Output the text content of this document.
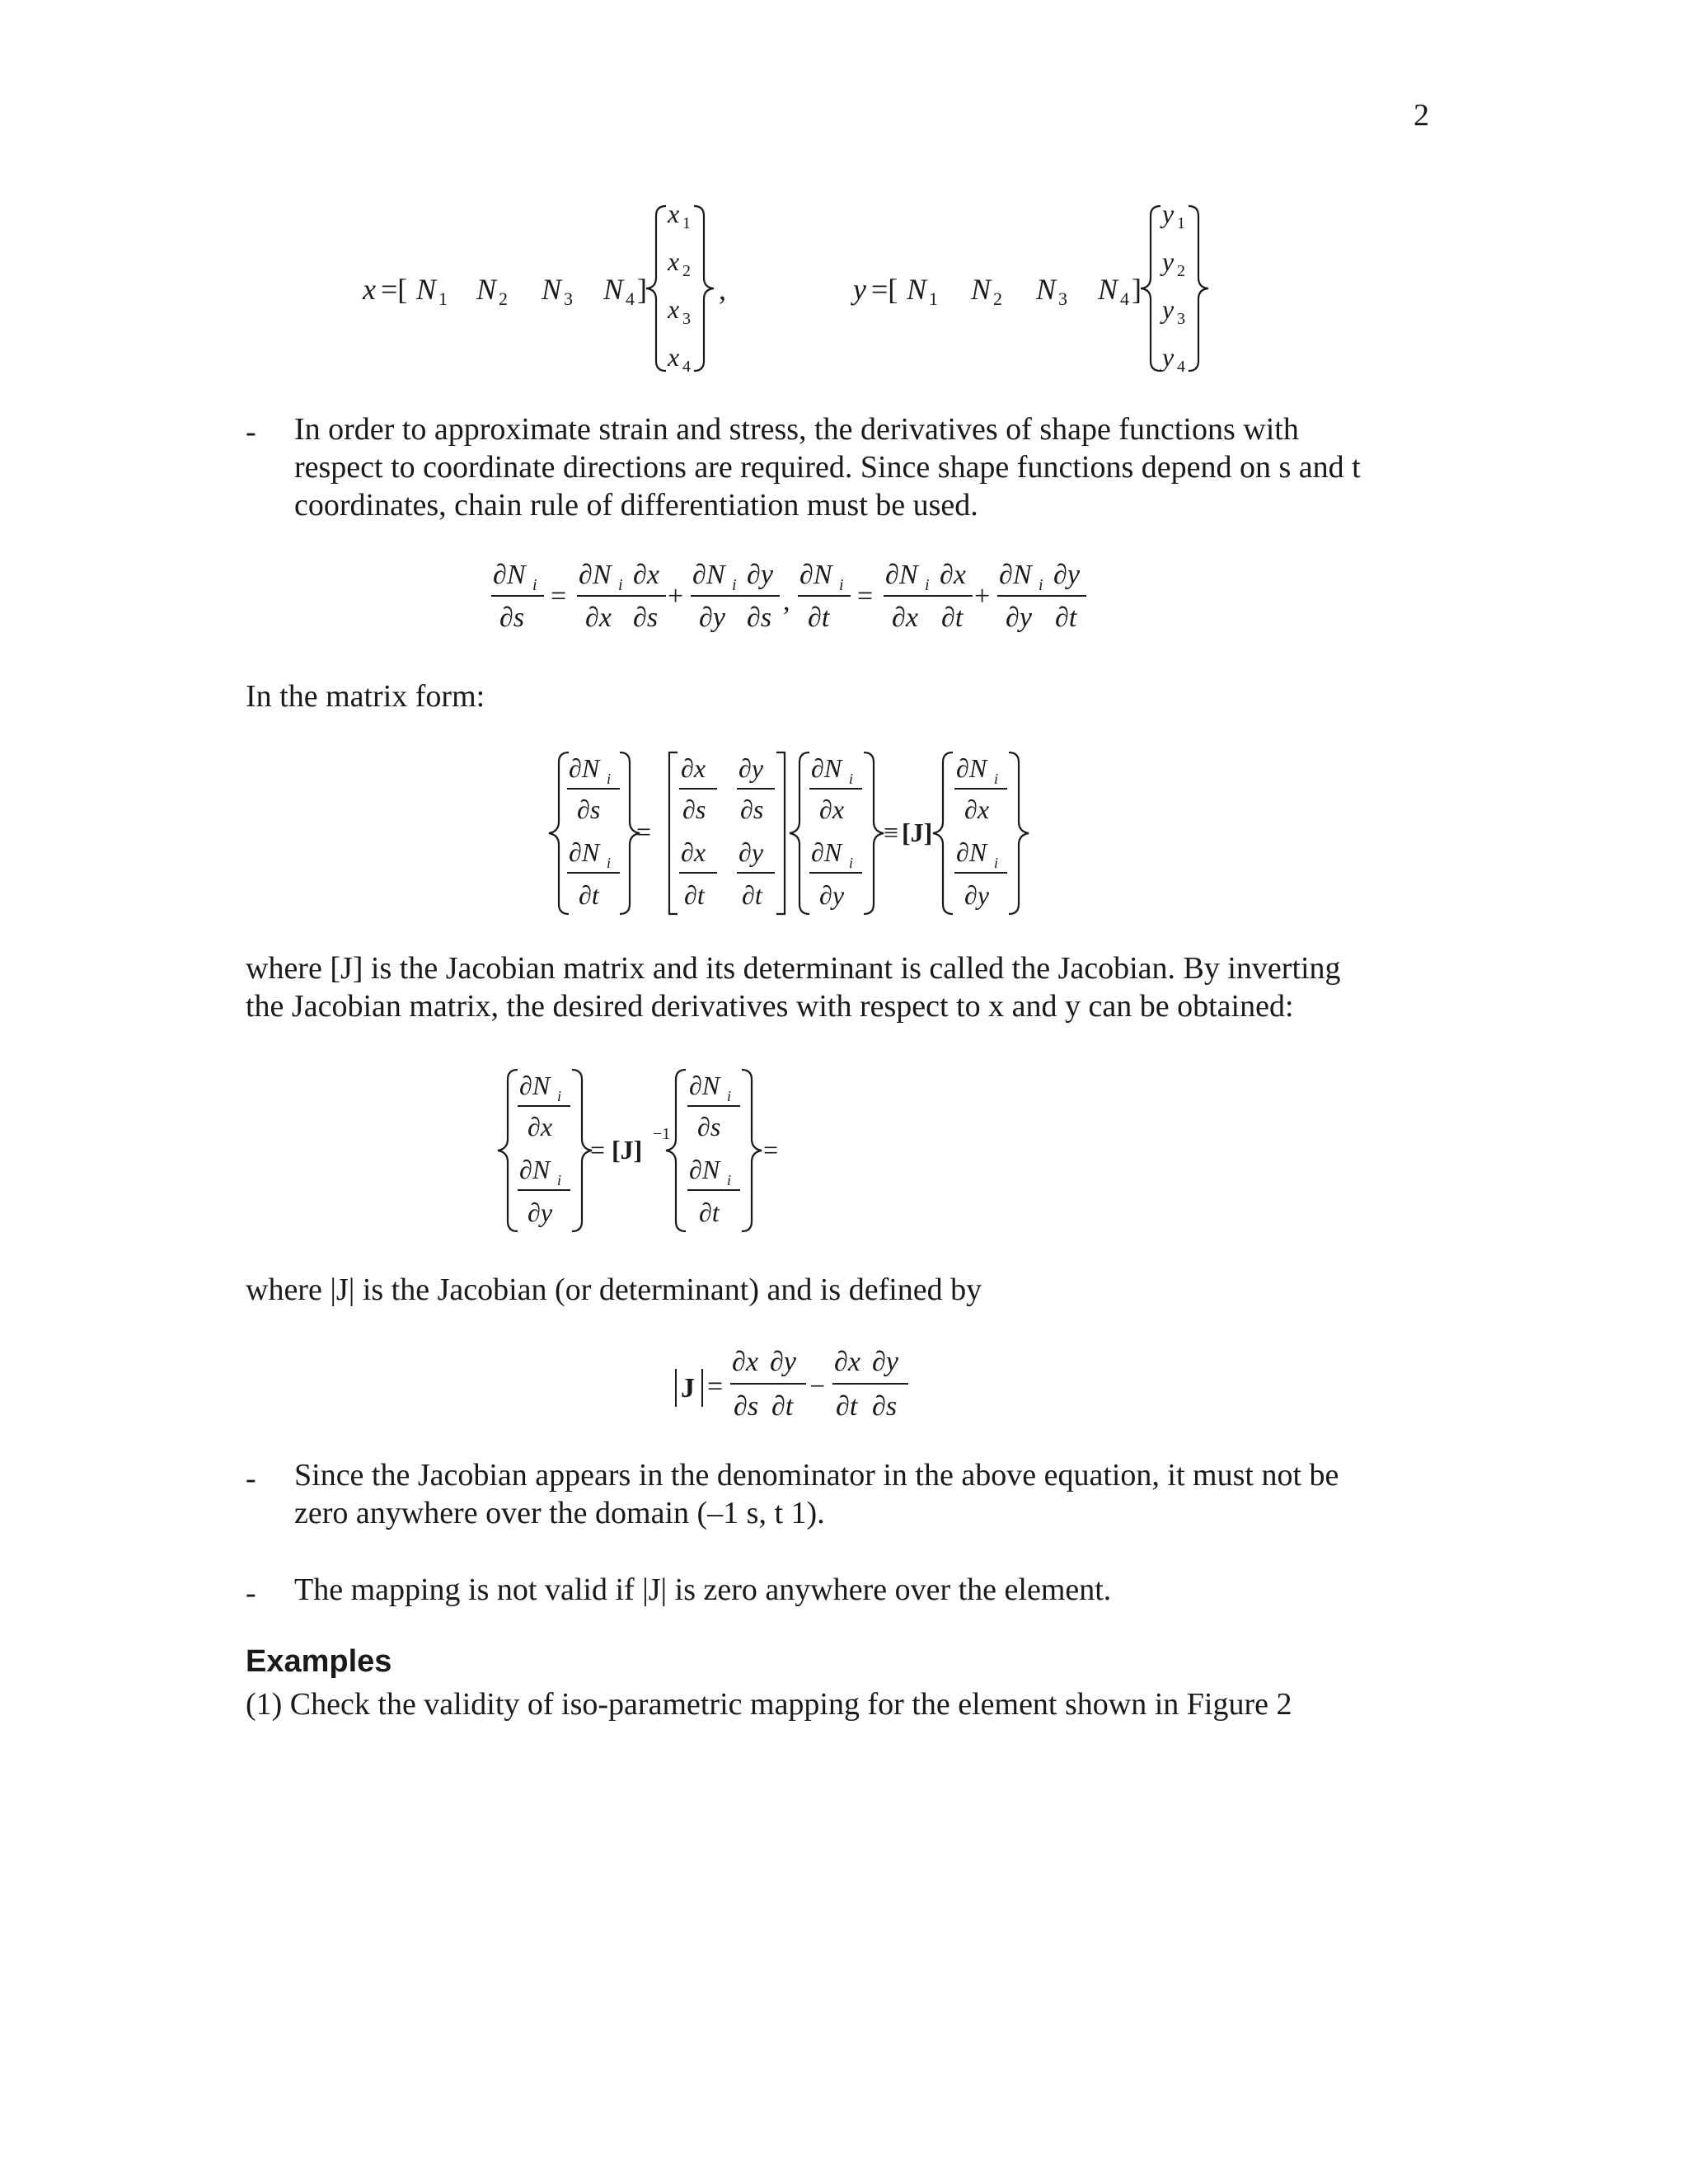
2
x =[ N 1 N 2 N 3 N 4 ]
x 1
x 2
x 3
x 4
,	y =[ N 1 N 2 N 3 N 4 ]
y 1
y 2
y 3
y 4
- In order to approximate strain and stress, the derivatives of shape functions with
respect to coordinate directions are required. Since shape functions depend on s and t
coordinates, chain rule of differentiation must be used.
∂N i
∂s
=
∂N i ∂x
∂x ∂s
+
∂N i ∂y
∂y ∂s
,
∂N i
∂t
=
∂N i ∂x
∂x ∂t
+
∂N i ∂y
∂y ∂t
In the matrix form:
∂N i
∂s
∂N i
∂t
=
∂x
∂s
∂y
∂s
∂x
∂t
∂y
∂t
∂N i
∂x
∂N i
∂y
≡ [J]
∂N i
∂x
∂N i
∂y
where [J] is the Jacobian matrix and its determinant is called the Jacobian. By inverting
the Jacobian matrix, the desired derivatives with respect to x and y can be obtained:
∂N i
∂x
∂N i
∂y
= [J]
−1
∂N i
∂s
∂N i
∂t
=
where |J| is the Jacobian (or determinant) and is defined by
J =
∂x ∂y
∂s ∂t
−
∂x ∂y
∂t ∂s
- Since the Jacobian appears in the denominator in the above equation, it must not be
zero anywhere over the domain (–1 s, t 1).
- The mapping is not valid if |J| is zero anywhere over the element.
Examples
(1) Check the validity of iso-parametric mapping for the element shown in Figure 2
